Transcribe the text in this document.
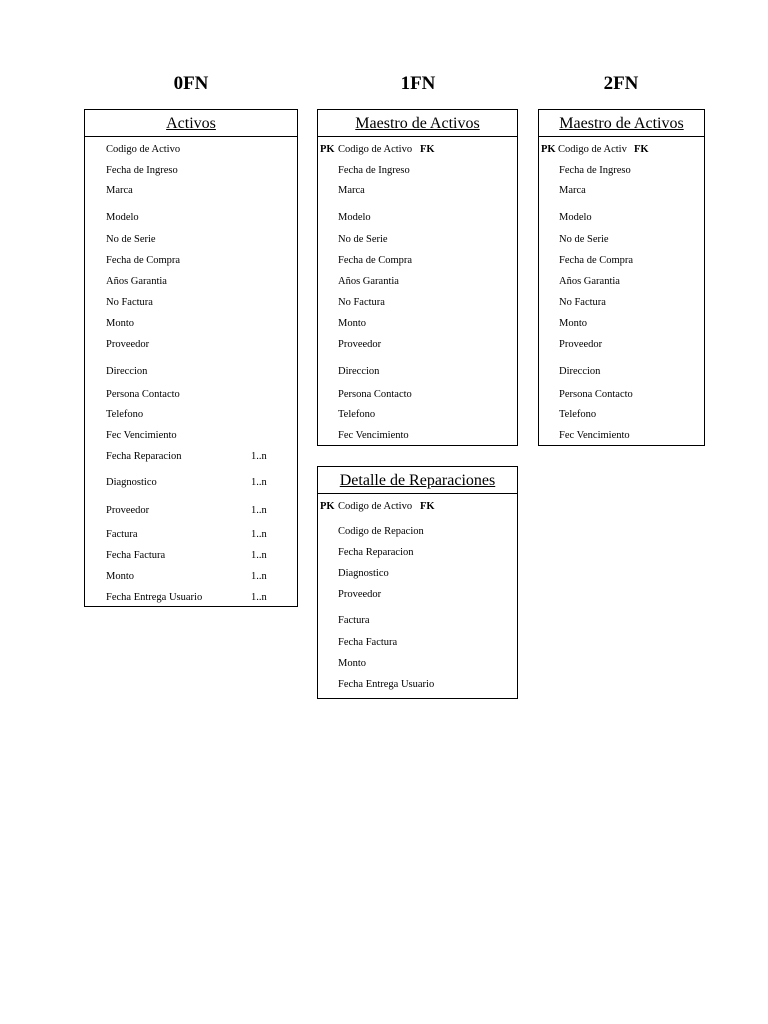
0FN	1FN	2FN
Activos
Codigo de Activo
Fecha de Ingreso
Marca
Modelo
No de Serie
Fecha de Compra
Años Garantia
No Factura
Monto
Proveedor
Direccion
Persona Contacto
Telefono
Fec Vencimiento
Fecha Reparacion	1..n
Diagnostico	1..n
Proveedor	1..n
Factura	1..n
Fecha Factura	1..n
Monto	1..n
Fecha Entrega Usuario	1..n
Maestro de Activos
PK Codigo de Activo FK
Fecha de Ingreso
Marca
Modelo
No de Serie
Fecha de Compra
Años Garantia
No Factura
Monto
Proveedor
Direccion
Persona Contacto
Telefono
Fec Vencimiento
Detalle de Reparaciones
PK Codigo de Activo FK
Codigo de Repacion
Fecha Reparacion
Diagnostico
Proveedor
Factura
Fecha Factura
Monto
Fecha Entrega Usuario
Maestro de Activos
PK Codigo de Activ FK
Fecha de Ingreso
Marca
Modelo
No de Serie
Fecha de Compra
Años Garantia
No Factura
Monto
Proveedor
Direccion
Persona Contacto
Telefono
Fec Vencimiento
